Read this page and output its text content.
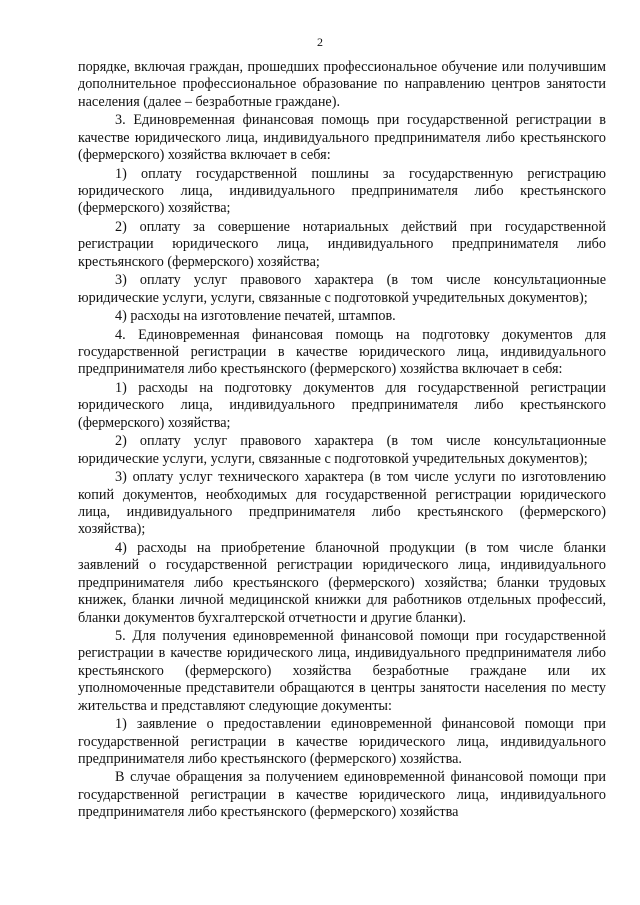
2

порядке, включая граждан, прошедших профессиональное обучение или получившим дополнительное профессиональное образование по направлению центров занятости населения (далее – безработные граждане).

3. Единовременная финансовая помощь при государственной регистрации в качестве юридического лица, индивидуального предпринимателя либо крестьянского (фермерского) хозяйства включает в себя:

1) оплату государственной пошлины за государственную регистрацию юридического лица, индивидуального предпринимателя либо крестьянского (фермерского) хозяйства;

2) оплату за совершение нотариальных действий при государственной регистрации юридического лица, индивидуального предпринимателя либо крестьянского (фермерского) хозяйства;

3) оплату услуг правового характера (в том числе консультационные юридические услуги, услуги, связанные с подготовкой учредительных документов);

4) расходы на изготовление печатей, штампов.

4. Единовременная финансовая помощь на подготовку документов для государственной регистрации в качестве юридического лица, индивидуального предпринимателя либо крестьянского (фермерского) хозяйства включает в себя:

1) расходы на подготовку документов для государственной регистрации юридического лица, индивидуального предпринимателя либо крестьянского (фермерского) хозяйства;

2) оплату услуг правового характера (в том числе консультационные юридические услуги, услуги, связанные с подготовкой учредительных документов);

3) оплату услуг технического характера (в том числе услуги по изготовлению копий документов, необходимых для государственной регистрации юридического лица, индивидуального предпринимателя либо крестьянского (фермерского) хозяйства);

4) расходы на приобретение бланочной продукции (в том числе бланки заявлений о государственной регистрации юридического лица, индивидуального предпринимателя либо крестьянского (фермерского) хозяйства; бланки трудовых книжек, бланки личной медицинской книжки для работников отдельных профессий, бланки документов бухгалтерской отчетности и другие бланки).

5. Для получения единовременной финансовой помощи при государственной регистрации в качестве юридического лица, индивидуального предпринимателя либо крестьянского (фермерского) хозяйства безработные граждане или их уполномоченные представители обращаются в центры занятости населения по месту жительства и представляют следующие документы:

1) заявление о предоставлении единовременной финансовой помощи при государственной регистрации в качестве юридического лица, индивидуального предпринимателя либо крестьянского (фермерского) хозяйства.

В случае обращения за получением единовременной финансовой помощи при государственной регистрации в качестве юридического лица, индивидуального предпринимателя либо крестьянского (фермерского) хозяйства
